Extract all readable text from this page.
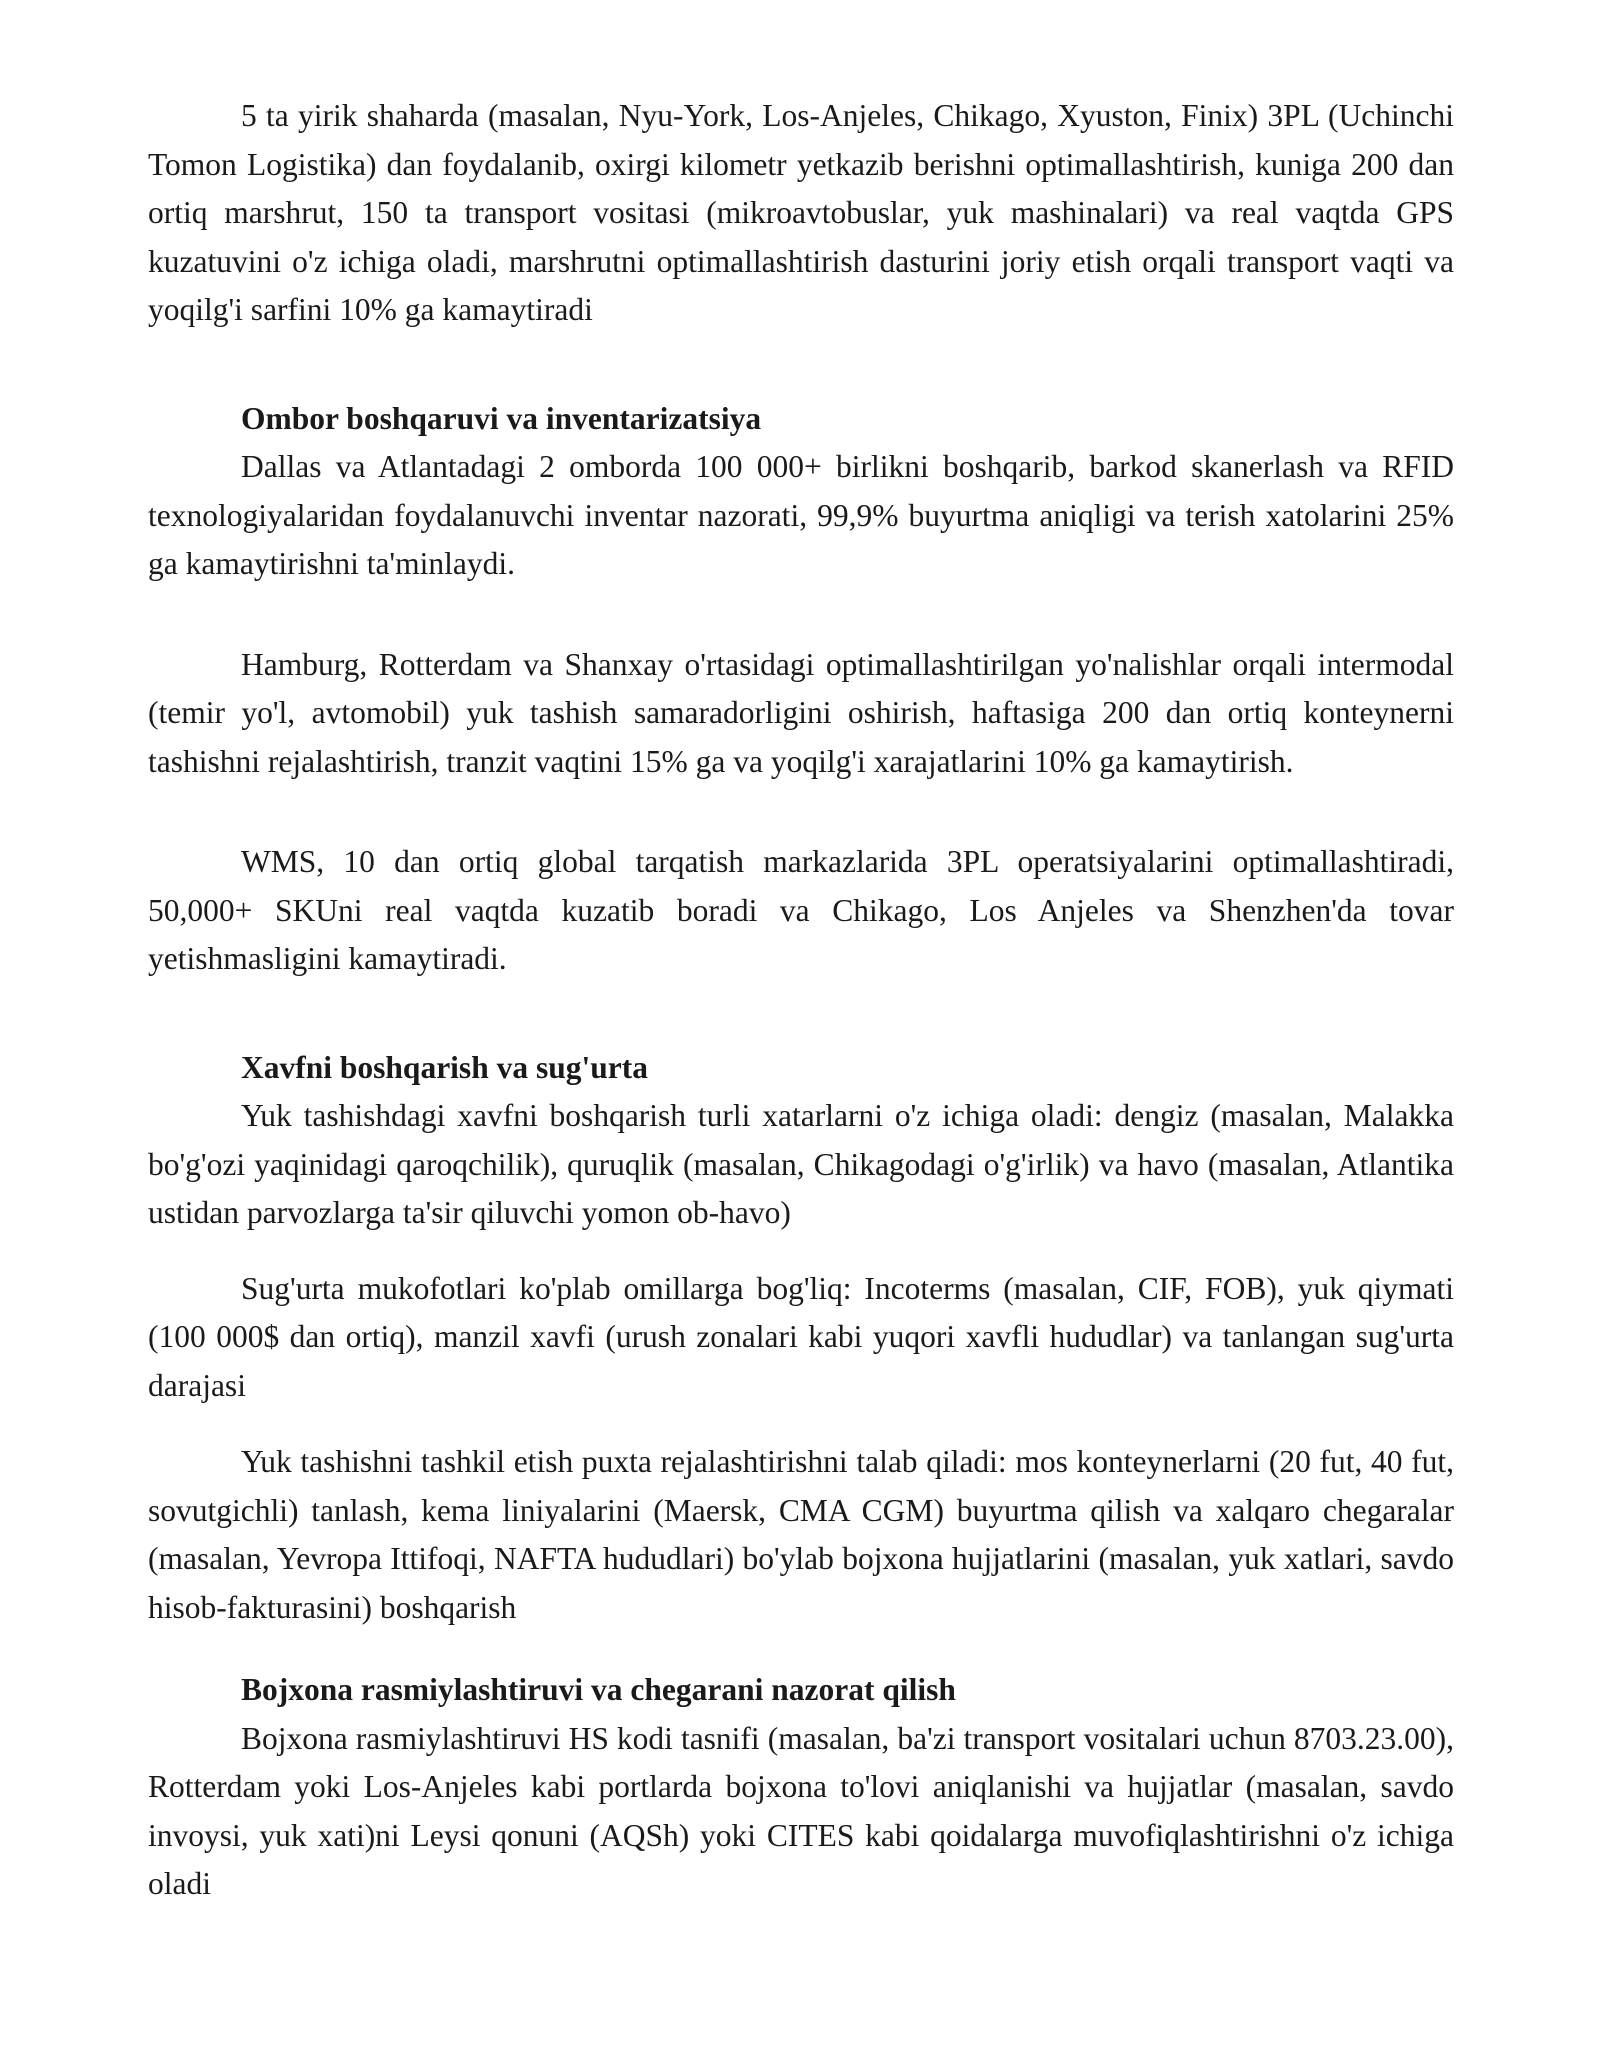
5 ta yirik shaharda (masalan, Nyu-York, Los-Anjeles, Chikago, Xyuston, Finix) 3PL (Uchinchi Tomon Logistika) dan foydalanib, oxirgi kilometr yetkazib berishni optimallashtirish, kuniga 200 dan ortiq marshrut, 150 ta transport vositasi (mikroavtobuslar, yuk mashinalari) va real vaqtda GPS kuzatuvini o'z ichiga oladi, marshrutni optimallashtirish dasturini joriy etish orqali transport vaqti va yoqilg'i sarfini 10% ga kamaytiradi

Ombor boshqaruvi va inventarizatsiya

Dallas va Atlantadagi 2 omborda 100 000+ birlikni boshqarib, barkod skanerlash va RFID texnologiyalaridan foydalanuvchi inventar nazorati, 99,9% buyurtma aniqligi va terish xatolarini 25% ga kamaytirishni ta'minlaydi.

Hamburg, Rotterdam va Shanxay o'rtasidagi optimallashtirilgan yo'nalishlar orqali intermodal (temir yo'l, avtomobil) yuk tashish samaradorligini oshirish, haftasiga 200 dan ortiq konteynerni tashishni rejalashtirish, tranzit vaqtini 15% ga va yoqilg'i xarajatlarini 10% ga kamaytirish.

WMS, 10 dan ortiq global tarqatish markazlarida 3PL operatsiyalarini optimallashtiradi, 50,000+ SKUni real vaqtda kuzatib boradi va Chikago, Los Anjeles va Shenzhen'da tovar yetishmasligini kamaytiradi.

Xavfni boshqarish va sug'urta

Yuk tashishdagi xavfni boshqarish turli xatarlarni o'z ichiga oladi: dengiz (masalan, Malakka bo'g'ozi yaqinidagi qaroqchilik), quruqlik (masalan, Chikagodagi o'g'irlik) va havo (masalan, Atlantika ustidan parvozlarga ta'sir qiluvchi yomon ob-havo)

Sug'urta mukofotlari ko'plab omillarga bog'liq: Incoterms (masalan, CIF, FOB), yuk qiymati (100 000$ dan ortiq), manzil xavfi (urush zonalari kabi yuqori xavfli hududlar) va tanlangan sug'urta darajasi

Yuk tashishni tashkil etish puxta rejalashtirishni talab qiladi: mos konteynerlarni (20 fut, 40 fut, sovutgichli) tanlash, kema liniyalarini (Maersk, CMA CGM) buyurtma qilish va xalqaro chegaralar (masalan, Yevropa Ittifoqi, NAFTA hududlari) bo'ylab bojxona hujjatlarini (masalan, yuk xatlari, savdo hisob-fakturasini) boshqarish

Bojxona rasmiylashtiruvi va chegarani nazorat qilish

Bojxona rasmiylashtiruvi HS kodi tasnifi (masalan, ba'zi transport vositalari uchun 8703.23.00), Rotterdam yoki Los-Anjeles kabi portlarda bojxona to'lovi aniqlanishi va hujjatlar (masalan, savdo invoysi, yuk xati)ni Leysi qonuni (AQSh) yoki CITES kabi qoidalarga muvofiqlashtirishni o'z ichiga oladi
